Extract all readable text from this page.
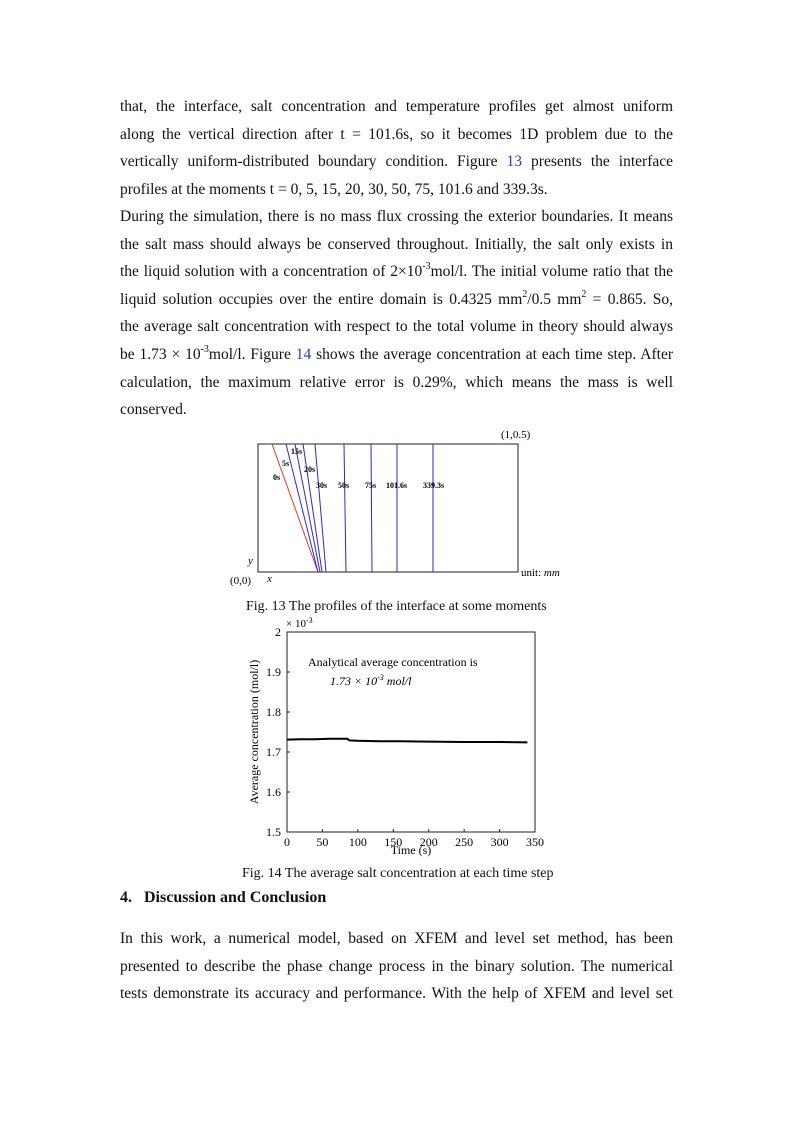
that, the interface, salt concentration and temperature profiles get almost uniform
along the vertical direction after t = 101.6s, so it becomes 1D problem due to the
vertically uniform-distributed boundary condition. Figure 13 presents the interface
profiles at the moments t = 0, 5, 15, 20, 30, 50, 75, 101.6 and 339.3s.
During the simulation, there is no mass flux crossing the exterior boundaries. It means
the salt mass should always be conserved throughout. Initially, the salt only exists in
the liquid solution with a concentration of $2\times 10^{-3}mol/l$. The initial volume ratio that the
liquid solution occupies over the entire domain is 0.4325 $mm^2/0.5$ $mm^2 = 0.865$. So,
the average salt concentration with respect to the total volume in theory should always
be $1.73 \times 10^{-3}mol/l$. Figure 14 shows the average concentration at each time step. After
calculation, the maximum relative error is 0.29%, which means the mass is well
conserved.
(1,0.5)
y
x
(0,0)
unit: mm
0s
5s
15s
20s
30s 50s 75s 101.6s 339.3s
Fig. 13 The profiles of the interface at some moments
× $10^{-3}$
0 50 100 150 200 250 300 350
1.5
1.6
1.7
1.8
1.9
2
Analytical average concentration is
$1.73 \times 10^{-3}$ mol/l
Time (s)
Average concentration (mol/l)
Fig. 14 The average salt concentration at each time step
4. Discussion and Conclusion
In this work, a numerical model, based on XFEM and level set method, has been
presented to describe the phase change process in the binary solution. The numerical
tests demonstrate its accuracy and performance. With the help of XFEM and level set
